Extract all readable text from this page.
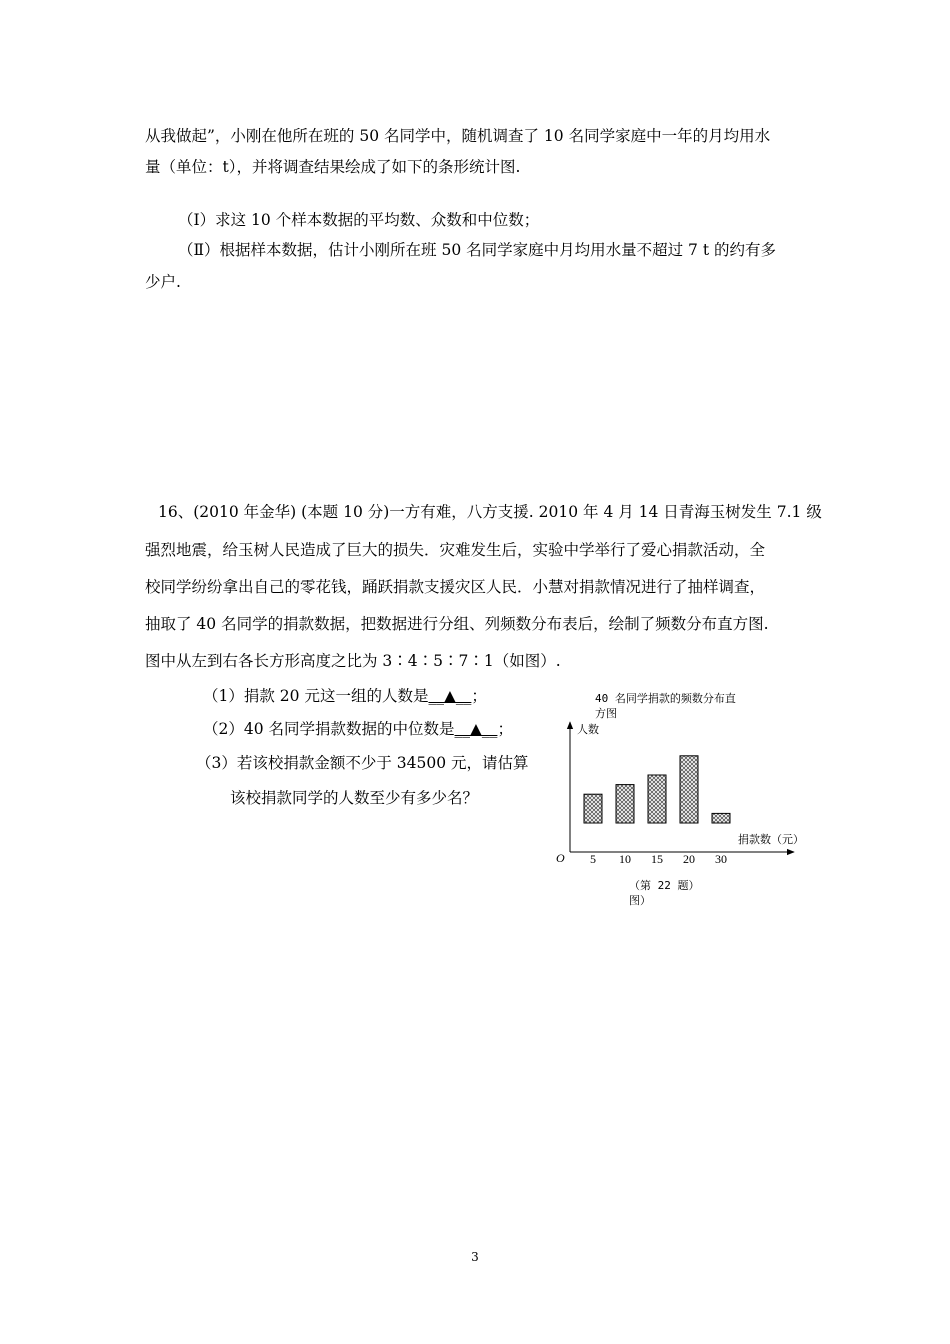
从我做起”，小刚在他所在班的 50 名同学中，随机调查了 10 名同学家庭中一年的月均用水
量（单位：t），并将调查结果绘成了如下的条形统计图.
（Ⅰ）求这 10 个样本数据的平均数、众数和中位数；
（Ⅱ）根据样本数据，估计小刚所在班 50 名同学家庭中月均用水量不超过 7 t 的约有多
少户.
16、(2010 年金华) (本题 10 分)一方有难，八方支援. 2010 年 4 月 14 日青海玉树发生 7.1 级
强烈地震，给玉树人民造成了巨大的损失．灾难发生后，实验中学举行了爱心捐款活动，全
校同学纷纷拿出自己的零花钱，踊跃捐款支援灾区人民．小慧对捐款情况进行了抽样调查，
抽取了 40 名同学的捐款数据，把数据进行分组、列频数分布表后，绘制了频数分布直方图.
图中从左到右各长方形高度之比为 3∶4∶5∶7∶1（如图）.
（1）捐款 20 元这一组的人数是__▲__；
（2）40 名同学捐款数据的中位数是__▲__；
（3）若该校捐款金额不少于 34500 元，请估算
该校捐款同学的人数至少有多少名？
40 名同学捐款的频数分布直
方图
人数
捐款数（元）
O
（第 22 题）
图）
5 10 15 20 30
3
